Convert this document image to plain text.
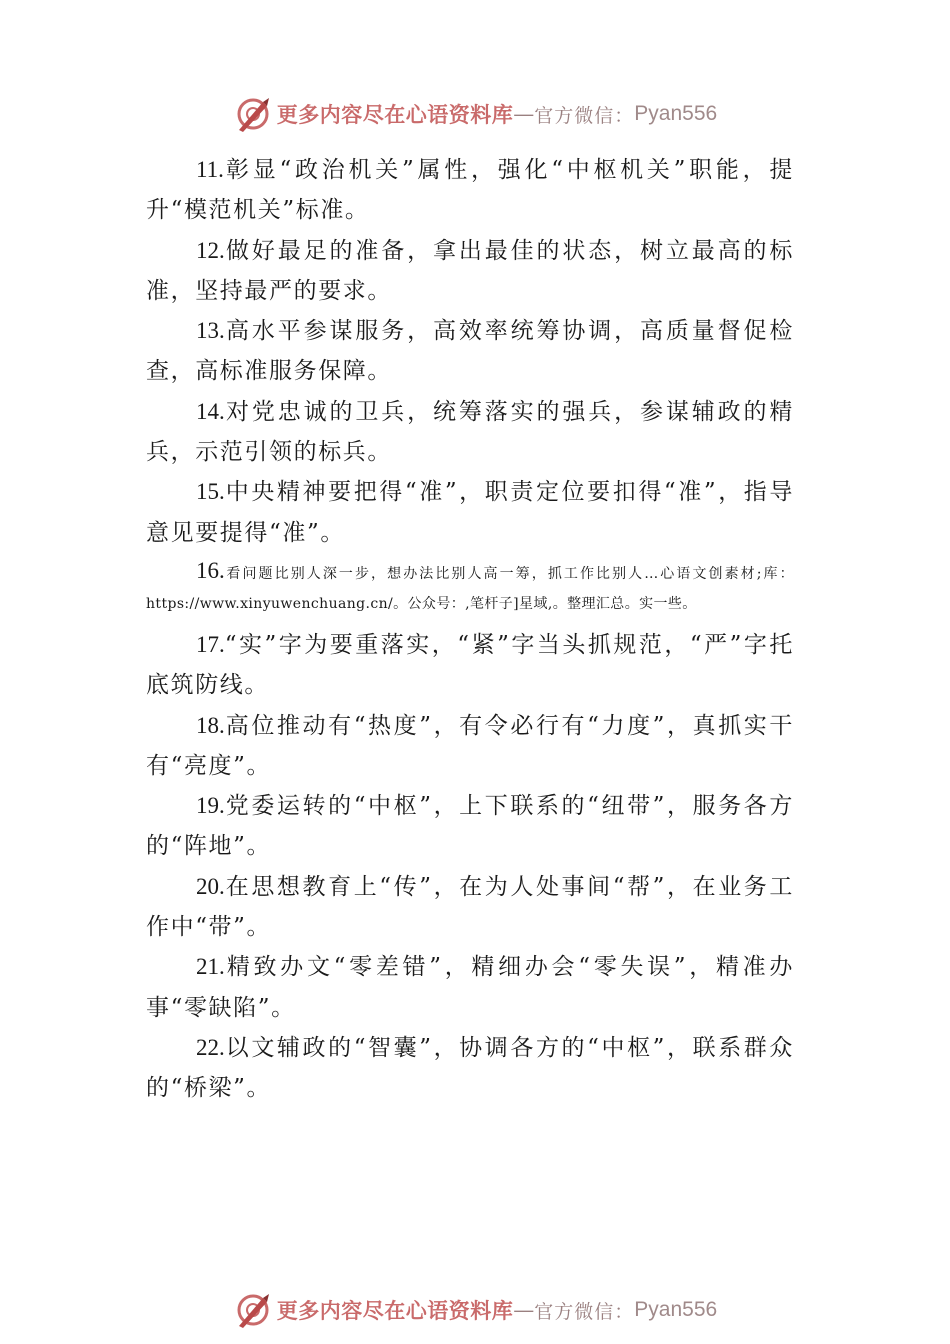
更多内容尽在心语资料库 — 官方微信： Pyan556

11.彰显“政治机关”属性，强化“中枢机关”职能，提升“模范机关”标准。

12.做好最足的准备，拿出最佳的状态，树立最高的标准，坚持最严的要求。

13.高水平参谋服务，高效率统筹协调，高质量督促检查，高标准服务保障。

14.对党忠诚的卫兵，统筹落实的强兵，参谋辅政的精兵，示范引领的标兵。

15.中央精神要把得“准”，职责定位要扣得“准”，指导意见要提得“准”。

16.看问题比别人深一步，想办法比别人高一筹，抓工作比别人…心语文创素材;库：https://www.xinyuwenchuang.cn/。公众号：,笔杆子]星域,。整理汇总。实一些。

17.“实”字为要重落实，“紧”字当头抓规范，“严”字托底筑防线。

18.高位推动有“热度”，有令必行有“力度”，真抓实干有“亮度”。

19.党委运转的“中枢”，上下联系的“纽带”，服务各方的“阵地”。

20.在思想教育上“传”，在为人处事间“帮”，在业务工作中“带”。

21.精致办文“零差错”，精细办会“零失误”，精准办事“零缺陷”。

22.以文辅政的“智囊”，协调各方的“中枢”，联系群众的“桥梁”。

更多内容尽在心语资料库 — 官方微信： Pyan556
